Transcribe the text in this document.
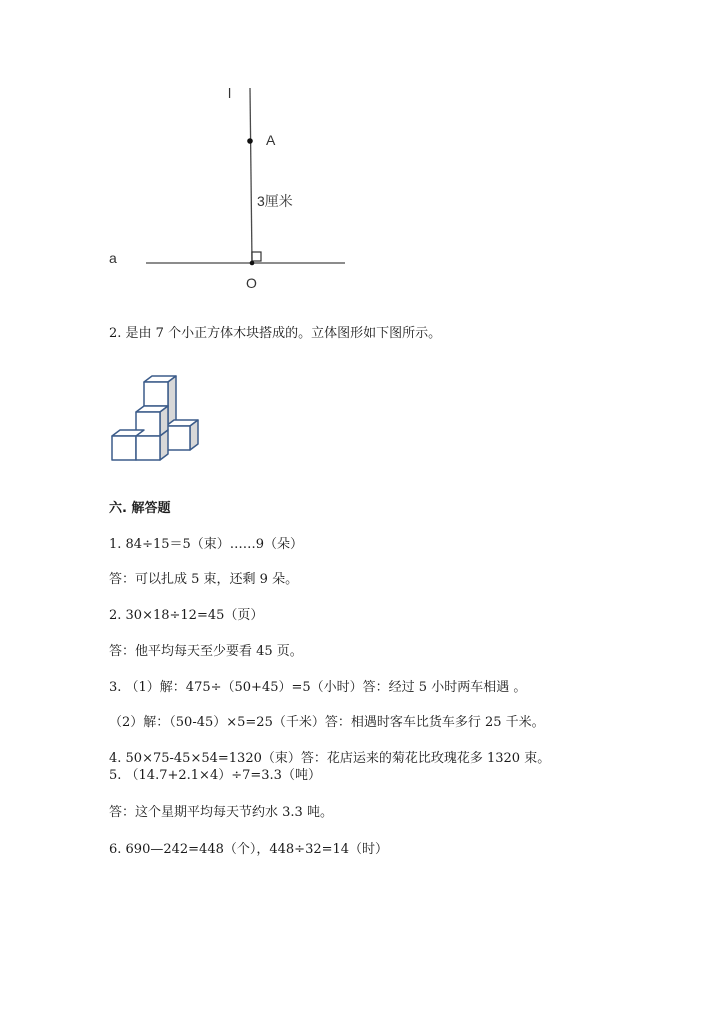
l
A
3厘米
a
O
2. 是由 7 个小正方体木块搭成的。立体图形如下图所示。
六. 解答题
1. 84÷15＝5（束）……9（朵）
答：可以扎成 5 束，还剩 9 朵。
2. 30×18÷12=45（页）
答：他平均每天至少要看 45 页。
3. （1）解：475÷（50+45）=5（小时）答：经过 5 小时两车相遇 。
（2）解：（50-45）×5=25（千米）答：相遇时客车比货车多行 25 千米。
4. 50×75-45×54=1320（束）答：花店运来的菊花比玫瑰花多 1320 束。
5. （14.7+2.1×4）÷7=3.3（吨）
答：这个星期平均每天节约水 3.3 吨。
6. 690—242=448（个），448÷32=14（时）
